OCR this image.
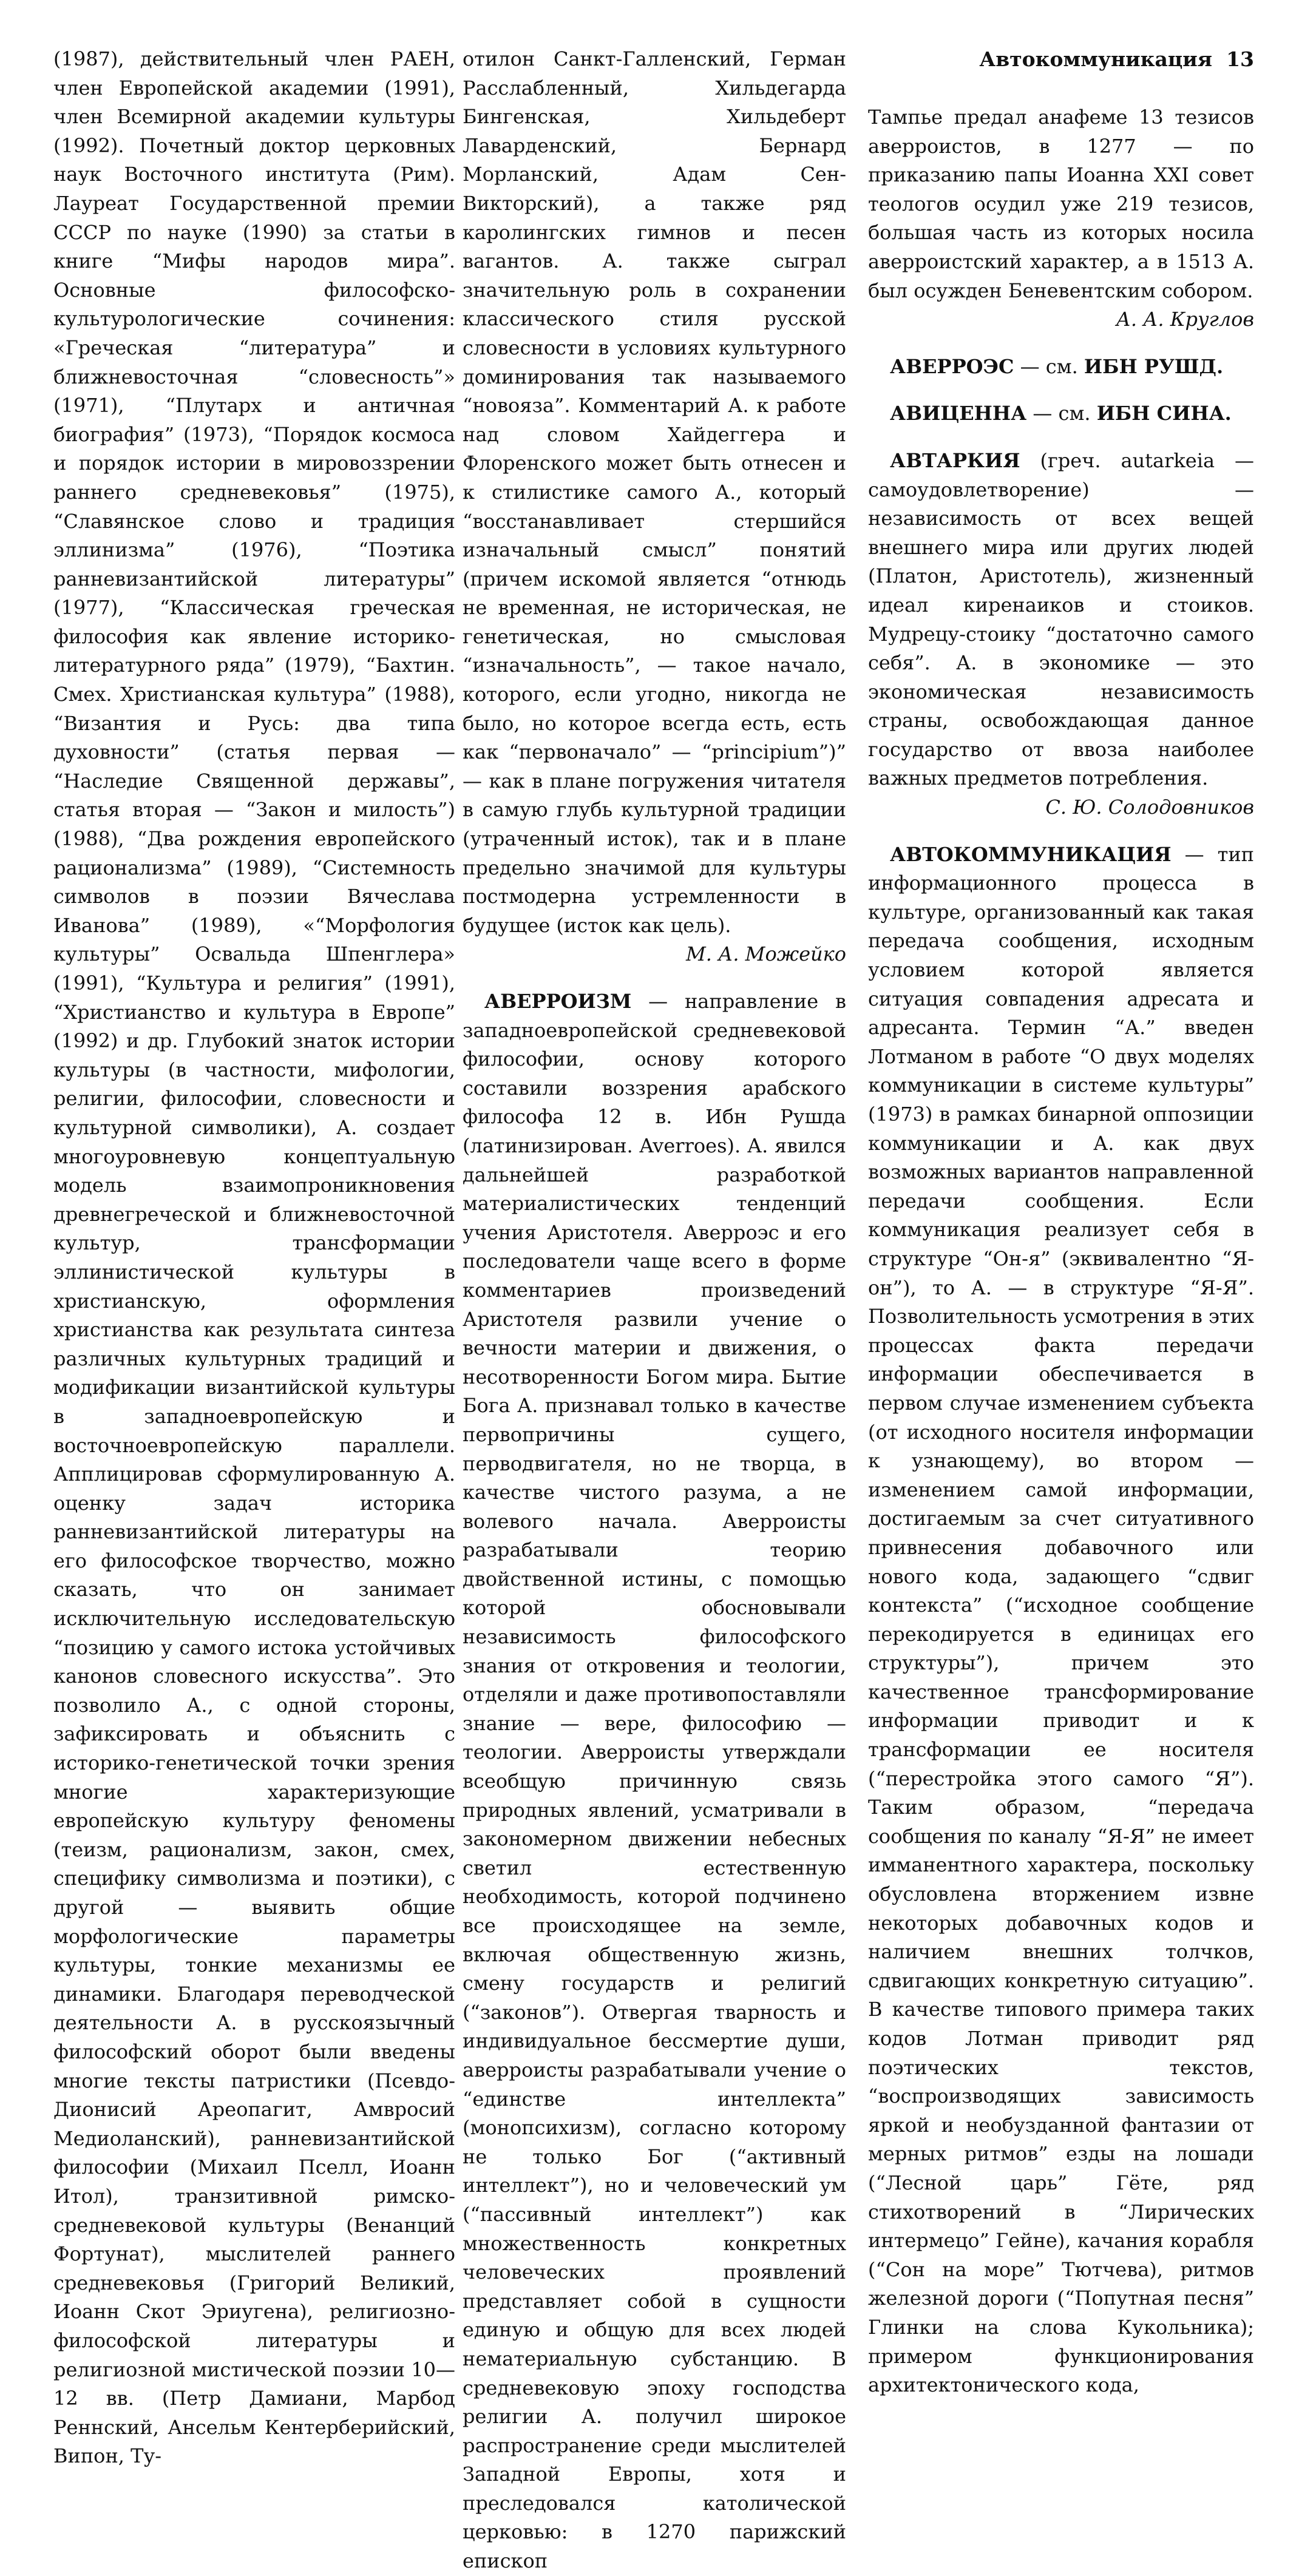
Автокоммуникация 13

(1987), действительный член РАЕН, член Европейской академии (1991), член Всемирной академии культуры (1992). Почетный доктор церковных наук Восточного института (Рим). Лауреат Государственной премии СССР по науке (1990) за статьи в книге “Мифы народов мира”. Основные философско-культурологические сочинения: «Греческая “литература” и ближневосточная “словесность”» (1971), “Плутарх и античная биография” (1973), “Порядок космоса и порядок истории в мировоззрении раннего средневековья” (1975), “Славянское слово и традиция эллинизма” (1976), “Поэтика ранневизантийской литературы” (1977), “Классическая греческая философия как явление историко-литературного ряда” (1979), “Бахтин. Смех. Христианская культура” (1988), “Византия и Русь: два типа духовности” (статья первая — “Наследие Священной державы”, статья вторая — “Закон и милость”) (1988), “Два рождения европейского рационализма” (1989), “Системность символов в поэзии Вячеслава Иванова” (1989), «“Морфология культуры” Освальда Шпенглера» (1991), “Культура и религия” (1991), “Христианство и культура в Европе” (1992) и др. Глубокий знаток истории культуры (в частности, мифологии, религии, философии, словесности и культурной символики), А. создает многоуровневую концептуальную модель взаимопроникновения древнегреческой и ближневосточной культур, трансформации эллинистической культуры в христианскую, оформления христианства как результата синтеза различных культурных традиций и модификации византийской культуры в западноевропейскую и восточноевропейскую параллели. Апплицировав сформулированную А. оценку задач историка ранневизантийской литературы на его философское творчество, можно сказать, что он занимает исключительную исследовательскую “позицию у самого истока устойчивых канонов словесного искусства”. Это позволило А., с одной стороны, зафиксировать и объяснить с историко-генетической точки зрения многие характеризующие европейскую культуру феномены (теизм, рационализм, закон, смех, специфику символизма и поэтики), с другой — выявить общие морфологические параметры культуры, тонкие механизмы ее динамики. Благодаря переводческой деятельности А. в русскоязычный философский оборот были введены многие тексты патристики (Псевдо-Дионисий Ареопагит, Амвросий Медиоланский), ранневизантийской философии (Михаил Пселл, Иоанн Итол), транзитивной римско-средневековой культуры (Венанций Фортунат), мыслителей раннего средневековья (Григорий Великий, Иоанн Скот Эриугена), религиозно-философской литературы и религиозной мистической поэзии 10—12 вв. (Петр Дамиани, Марбод Реннский, Ансельм Кентерберийский, Випон, Ту-

отилон Санкт-Галленский, Герман Расслабленный, Хильдегарда Бингенская, Хильдеберт Лаварденский, Бернард Морланский, Адам Сен-Викторский), а также ряд каролингских гимнов и песен вагантов. А. также сыграл значительную роль в сохранении классического стиля русской словесности в условиях культурного доминирования так называемого “новояза”. Комментарий А. к работе над словом Хайдеггера и Флоренского может быть отнесен и к стилистике самого А., который “восстанавливает стершийся изначальный смысл” понятий (причем искомой является “отнюдь не временная, не историческая, не генетическая, но смысловая “изначальность”, — такое начало, которого, если угодно, никогда не было, но которое всегда есть, есть как “первоначало” — “principium”)” — как в плане погружения читателя в самую глубь культурной традиции (утраченный исток), так и в плане предельно значимой для культуры постмодерна устремленности в будущее (исток как цель).

М. А. Можейко

АВЕРРОИЗМ — направление в западноевропейской средневековой философии, основу которого составили воззрения арабского философа 12 в. Ибн Рушда (латинизирован. Averroes). А. явился дальнейшей разработкой материалистических тенденций учения Аристотеля. Аверроэс и его последователи чаще всего в форме комментариев произведений Аристотеля развили учение о вечности материи и движения, о несотворенности Богом мира. Бытие Бога А. признавал только в качестве первопричины сущего, перводвигателя, но не творца, в качестве чистого разума, а не волевого начала. Аверроисты разрабатывали теорию двойственной истины, с помощью которой обосновывали независимость философского знания от откровения и теологии, отделяли и даже противопоставляли знание — вере, философию — теологии. Аверроисты утверждали всеобщую причинную связь природных явлений, усматривали в закономерном движении небесных светил естественную необходимость, которой подчинено все происходящее на земле, включая общественную жизнь, смену государств и религий (“законов”). Отвергая тварность и индивидуальное бессмертие души, аверроисты разрабатывали учение о “единстве интеллекта” (монопсихизм), согласно которому не только Бог (“активный интеллект”), но и человеческий ум (“пассивный интеллект”) как множественность конкретных человеческих проявлений представляет собой в сущности единую и общую для всех людей нематериальную субстанцию. В средневековую эпоху господства религии А. получил широкое распространение среди мыслителей Западной Европы, хотя и преследовался католической церковью: в 1270 парижский епископ

Тампье предал анафеме 13 тезисов аверроистов, в 1277 — по приказанию папы Иоанна XXI совет теологов осудил уже 219 тезисов, большая часть из которых носила аверроистский характер, а в 1513 А. был осужден Беневентским собором.

А. А. Круглов

АВЕРРОЭС — см. ИБН РУШД.

АВИЦЕННА — см. ИБН СИНА.

АВТАРКИЯ (греч. autarkeia — самоудовлетворение) — независимость от всех вещей внешнего мира или других людей (Платон, Аристотель), жизненный идеал киренаиков и стоиков. Мудрецу-стоику “достаточно самого себя”. А. в экономике — это экономическая независимость страны, освобождающая данное государство от ввоза наиболее важных предметов потребления.

С. Ю. Солодовников

АВТОКОММУНИКАЦИЯ — тип информационного процесса в культуре, организованный как такая передача сообщения, исходным условием которой является ситуация совпадения адресата и адресанта. Термин “А.” введен Лотманом в работе “О двух моделях коммуникации в системе культуры” (1973) в рамках бинарной оппозиции коммуникации и А. как двух возможных вариантов направленной передачи сообщения. Если коммуникация реализует себя в структуре “Он-я” (эквивалентно “Я-он”), то А. — в структуре “Я-Я”. Позволительность усмотрения в этих процессах факта передачи информации обеспечивается в первом случае изменением субъекта (от исходного носителя информации к узнающему), во втором — изменением самой информации, достигаемым за счет ситуативного привнесения добавочного или нового кода, задающего “сдвиг контекста” (“исходное сообщение перекодируется в единицах его структуры”), причем это качественное трансформирование информации приводит и к трансформации ее носителя (“перестройка этого самого “Я”). Таким образом, “передача сообщения по каналу “Я-Я” не имеет имманентного характера, поскольку обусловлена вторжением извне некоторых добавочных кодов и наличием внешних толчков, сдвигающих конкретную ситуацию”. В качестве типового примера таких кодов Лотман приводит ряд поэтических текстов, “воспроизводящих зависимость яркой и необузданной фантазии от мерных ритмов” езды на лошади (“Лесной царь” Гёте, ряд стихотворений в “Лирических интермецо” Гейне), качания корабля (“Сон на море” Тютчева), ритмов железной дороги (“Попутная песня” Глинки на слова Кукольника); примером функционирования архитектонического кода,
